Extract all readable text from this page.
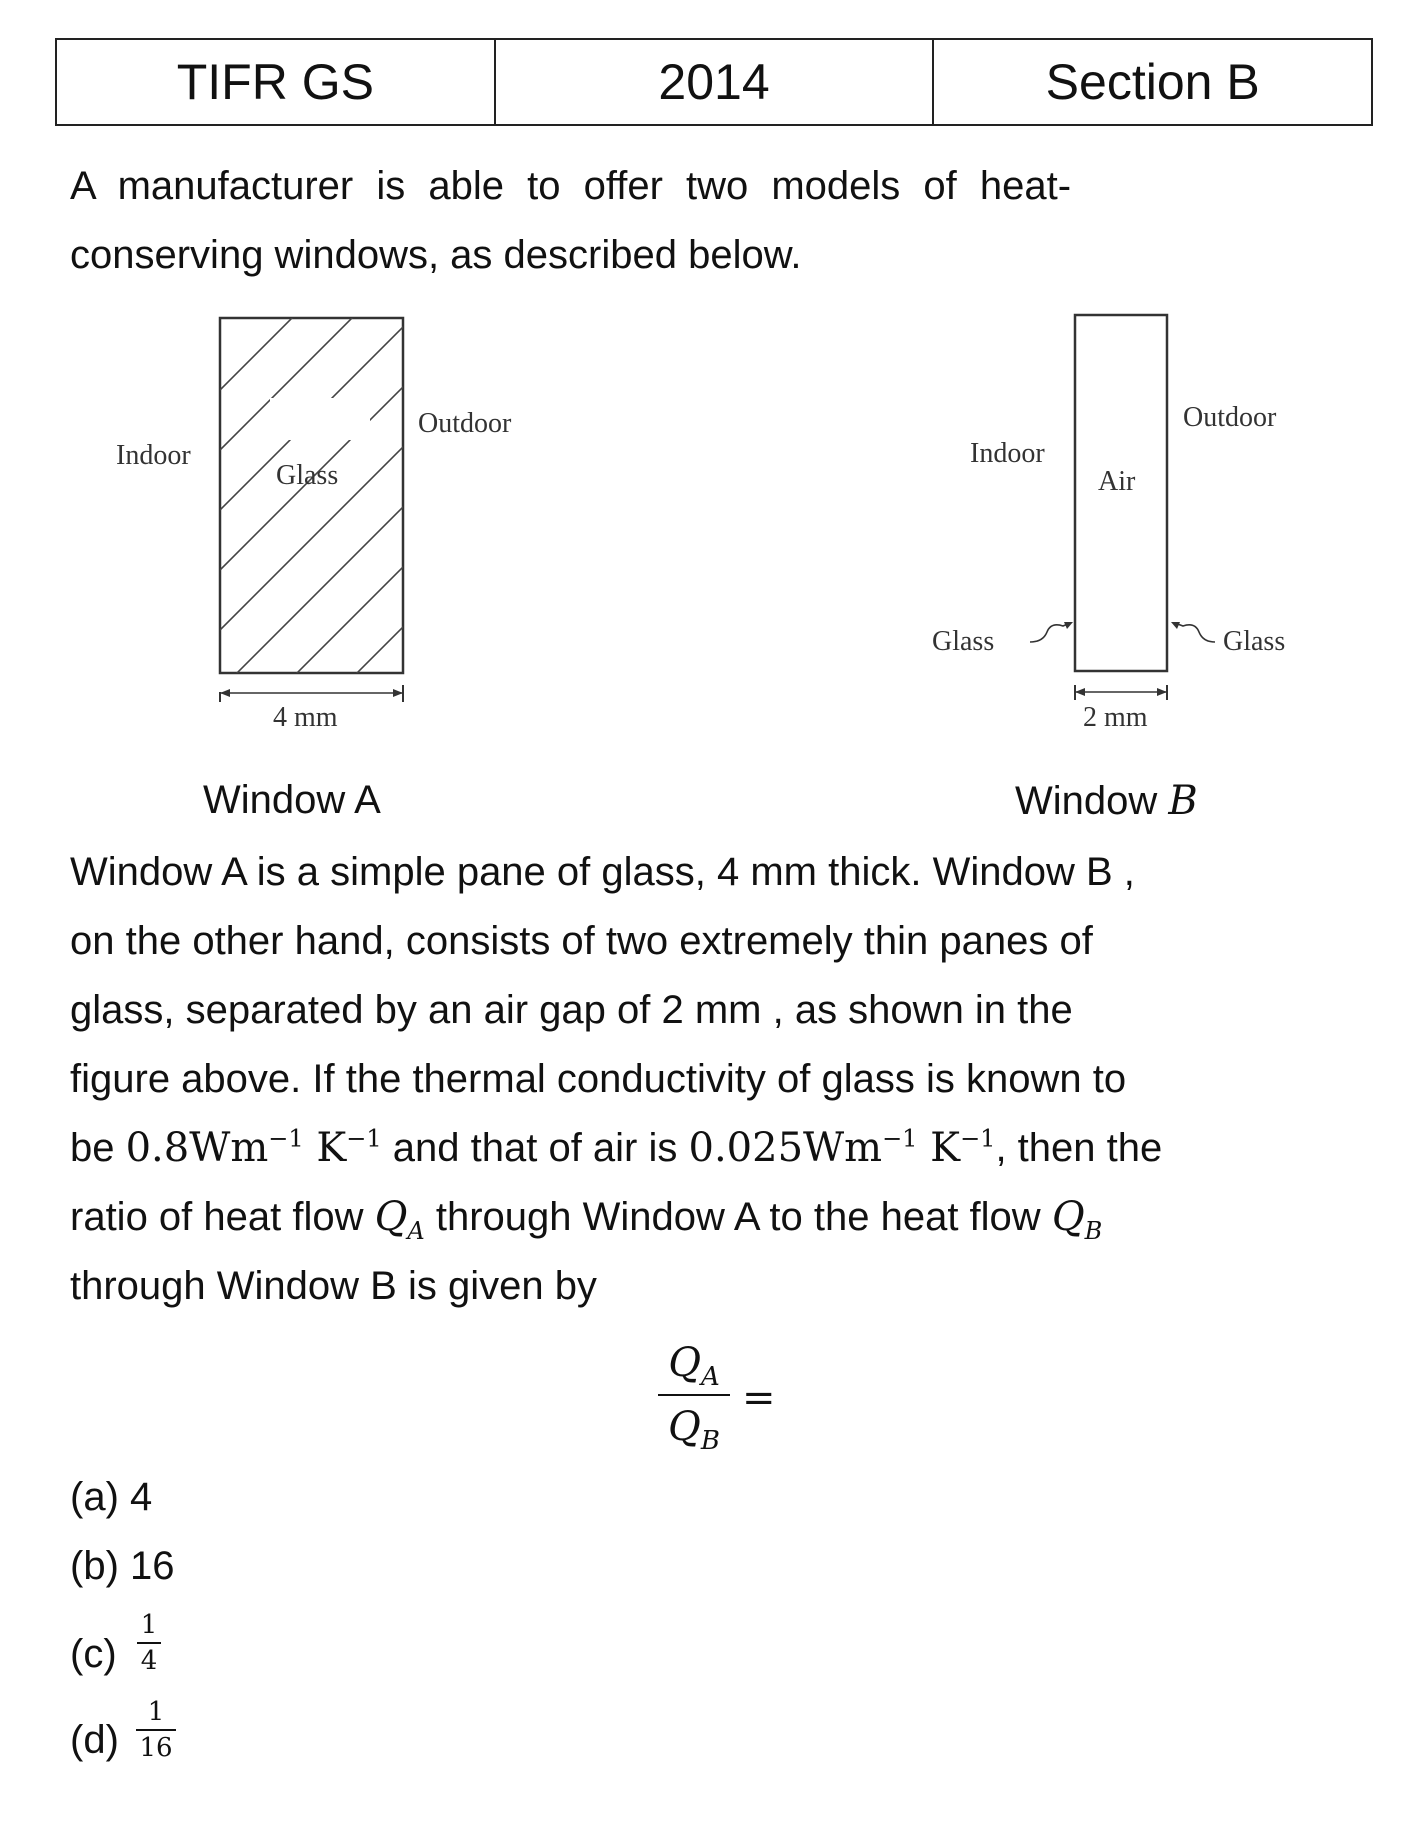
TIFR GS	2014	Section B
A manufacturer is able to offer two models of heat-
conserving windows, as described below.
Indoor
Outdoor
Glass
4 mm
Indoor
Outdoor
Air
Glass	Glass
2 mm
Window A	Window B
Window A is a simple pane of glass, 4 mm thick. Window B ,
on the other hand, consists of two extremely thin panes of
glass, separated by an air gap of 2 mm , as shown in the
figure above. If the thermal conductivity of glass is known to
be $0.8Wm^{-1}$ $K^{-1}$ and that of air is $0.025Wm^{-1}$ $K^{-1}$, then the
ratio of heat flow $Q_A$ through Window A to the heat flow $Q_B$
through Window B is given by
$Q_A$
$Q_B$
=
(a) 4
(b) 16
(c)
1
4
(d)
1
16
